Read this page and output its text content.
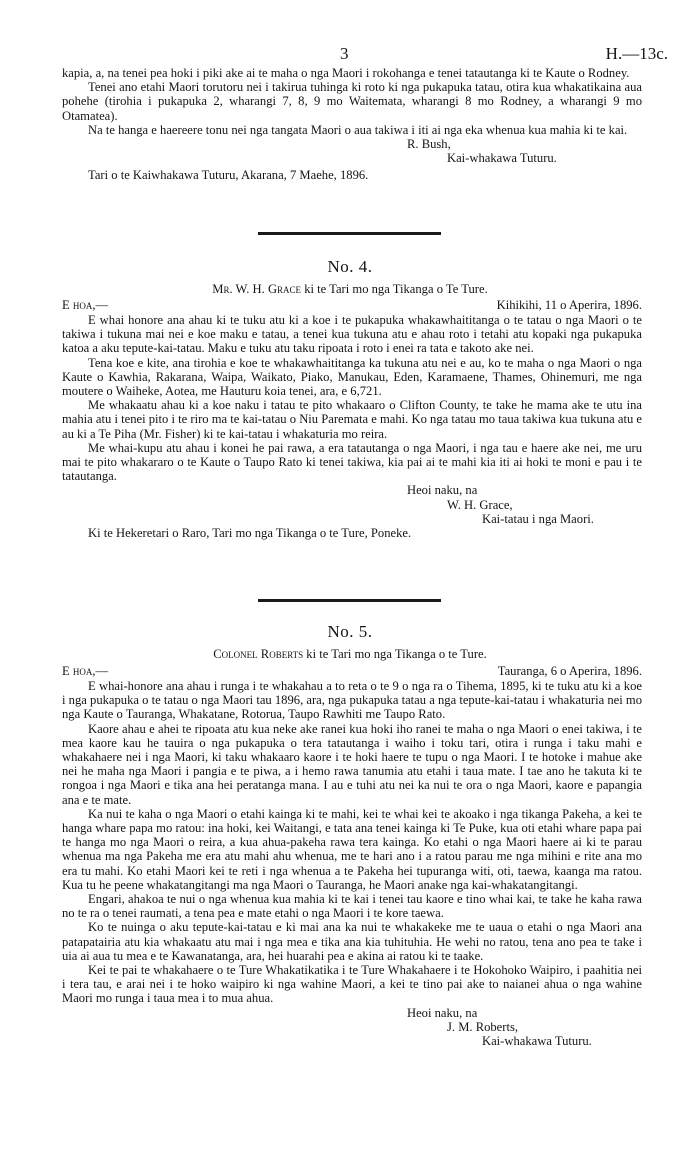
3	H.—13c.

kapia, a, na tenei pea hoki i piki ake ai te maha o nga Maori i rokohanga e tenei tatautanga ki te Kaute o Rodney.

Tenei ano etahi Maori torutoru nei i takirua tuhinga ki roto ki nga pukapuka tatau, otira kua whakatikaina aua pohehe (tirohia i pukapuka 2, wharangi 7, 8, 9 mo Waitemata, wharangi 8 mo Rodney, a wharangi 9 mo Otamatea).

Na te hanga e haereere tonu nei nga tangata Maori o aua takiwa i iti ai nga eka whenua kua mahia ki te kai.

R. Bush,

Kai-whakawa Tuturu.

Tari o te Kaiwhakawa Tuturu, Akarana, 7 Maehe, 1896.

No. 4.
Mr. W. H. Grace ki te Tari mo nga Tikanga o Te Ture.
E hoa,—	Kihikihi, 11 o Aperira, 1896.

E whai honore ana ahau ki te tuku atu ki a koe i te pukapuka whakawhaititanga o te tatau o nga Maori o te takiwa i tukuna mai nei e koe maku e tatau, a tenei kua tukuna atu e ahau roto i tetahi atu kopaki nga pukapuka katoa a aku tepute-kai-tatau. Maku e tuku atu taku ripoata i roto i enei ra tata e takoto ake nei.

Tena koe e kite, ana tirohia e koe te whakawhaititanga ka tukuna atu nei e au, ko te maha o nga Maori o nga Kaute o Kawhia, Rakarana, Waipa, Waikato, Piako, Manukau, Eden, Karamaene, Thames, Ohinemuri, me nga moutere o Waiheke, Aotea, me Hauturu koia tenei, ara, e 6,721.

Me whakaatu ahau ki a koe naku i tatau te pito whakaaro o Clifton County, te take he mama ake te utu ina mahia atu i tenei pito i te riro ma te kai-tatau o Niu Paremata e mahi. Ko nga tatau mo taua takiwa kua tukuna atu e au ki a Te Piha (Mr. Fisher) ki te kai-tatau i whakaturia mo reira.

Me whai-kupu atu ahau i konei he pai rawa, a era tatautanga o nga Maori, i nga tau e haere ake nei, me uru mai te pito whakararo o te Kaute o Taupo Rato ki tenei takiwa, kia pai ai te mahi kia iti ai hoki te moni e pau i te tatautanga.

Heoi naku, na

W. H. Grace,

Kai-tatau i nga Maori.

Ki te Hekeretari o Raro, Tari mo nga Tikanga o te Ture, Poneke.

No. 5.
Colonel Roberts ki te Tari mo nga Tikanga o te Ture.
E hoa,—	Tauranga, 6 o Aperira, 1896.

E whai-honore ana ahau i runga i te whakahau a to reta o te 9 o nga ra o Tihema, 1895, ki te tuku atu ki a koe i nga pukapuka o te tatau o nga Maori tau 1896, ara, nga pukapuka tatau a nga tepute-kai-tatau i whakaturia nei mo nga Kaute o Tauranga, Whakatane, Rotorua, Taupo Rawhiti me Taupo Rato.

Kaore ahau e ahei te ripoata atu kua neke ake ranei kua hoki iho ranei te maha o nga Maori o enei takiwa, i te mea kaore kau he tauira o nga pukapuka o tera tatautanga i waiho i toku tari, otira i runga i taku mahi e whakahaere nei i nga Maori, ki taku whakaaro kaore i te hoki haere te tupu o nga Maori. I te hotoke i mahue ake nei he maha nga Maori i pangia e te piwa, a i hemo rawa tanumia atu etahi i taua mate. I tae ano he takuta ki te rongoa i nga Maori e tika ana hei peratanga mana. I au e tuhi atu nei ka nui te ora o nga Maori, kaore e papangia ana e te mate.

Ka nui te kaha o nga Maori o etahi kainga ki te mahi, kei te whai kei te akoako i nga tikanga Pakeha, a kei te hanga whare papa mo ratou: ina hoki, kei Waitangi, e tata ana tenei kainga ki Te Puke, kua oti etahi whare papa pai te hanga mo nga Maori o reira, a kua ahua-pakeha rawa tera kainga. Ko etahi o nga Maori haere ai ki te parau whenua ma nga Pakeha me era atu mahi ahu whenua, me te hari ano i a ratou parau me nga mihini e rite ana mo era tu mahi. Ko etahi Maori kei te reti i nga whenua a te Pakeha hei tupuranga witi, oti, taewa, kaanga ma ratou. Kua tu he peene whakatangitangi ma nga Maori o Tauranga, he Maori anake nga kai-whakatangitangi.

Engari, ahakoa te nui o nga whenua kua mahia ki te kai i tenei tau kaore e tino whai kai, te take he kaha rawa no te ra o tenei raumati, a tena pea e mate etahi o nga Maori i te kore taewa.

Ko te nuinga o aku tepute-kai-tatau e ki mai ana ka nui te whakakeke me te uaua o etahi o nga Maori ana patapatairia atu kia whakaatu atu mai i nga mea e tika ana kia tuhituhia. He wehi no ratou, tena ano pea te take i uia ai aua tu mea e te Kawanatanga, ara, hei huarahi pea e akina ai ratou ki te taake.

Kei te pai te whakahaere o te Ture Whakatikatika i te Ture Whakahaere i te Hokohoko Waipiro, i paahitia nei i tera tau, e arai nei i te hoko waipiro ki nga wahine Maori, a kei te tino pai ake to naianei ahua o nga wahine Maori mo runga i taua mea i to mua ahua.

Heoi naku, na

J. M. Roberts,

Kai-whakawa Tuturu.
